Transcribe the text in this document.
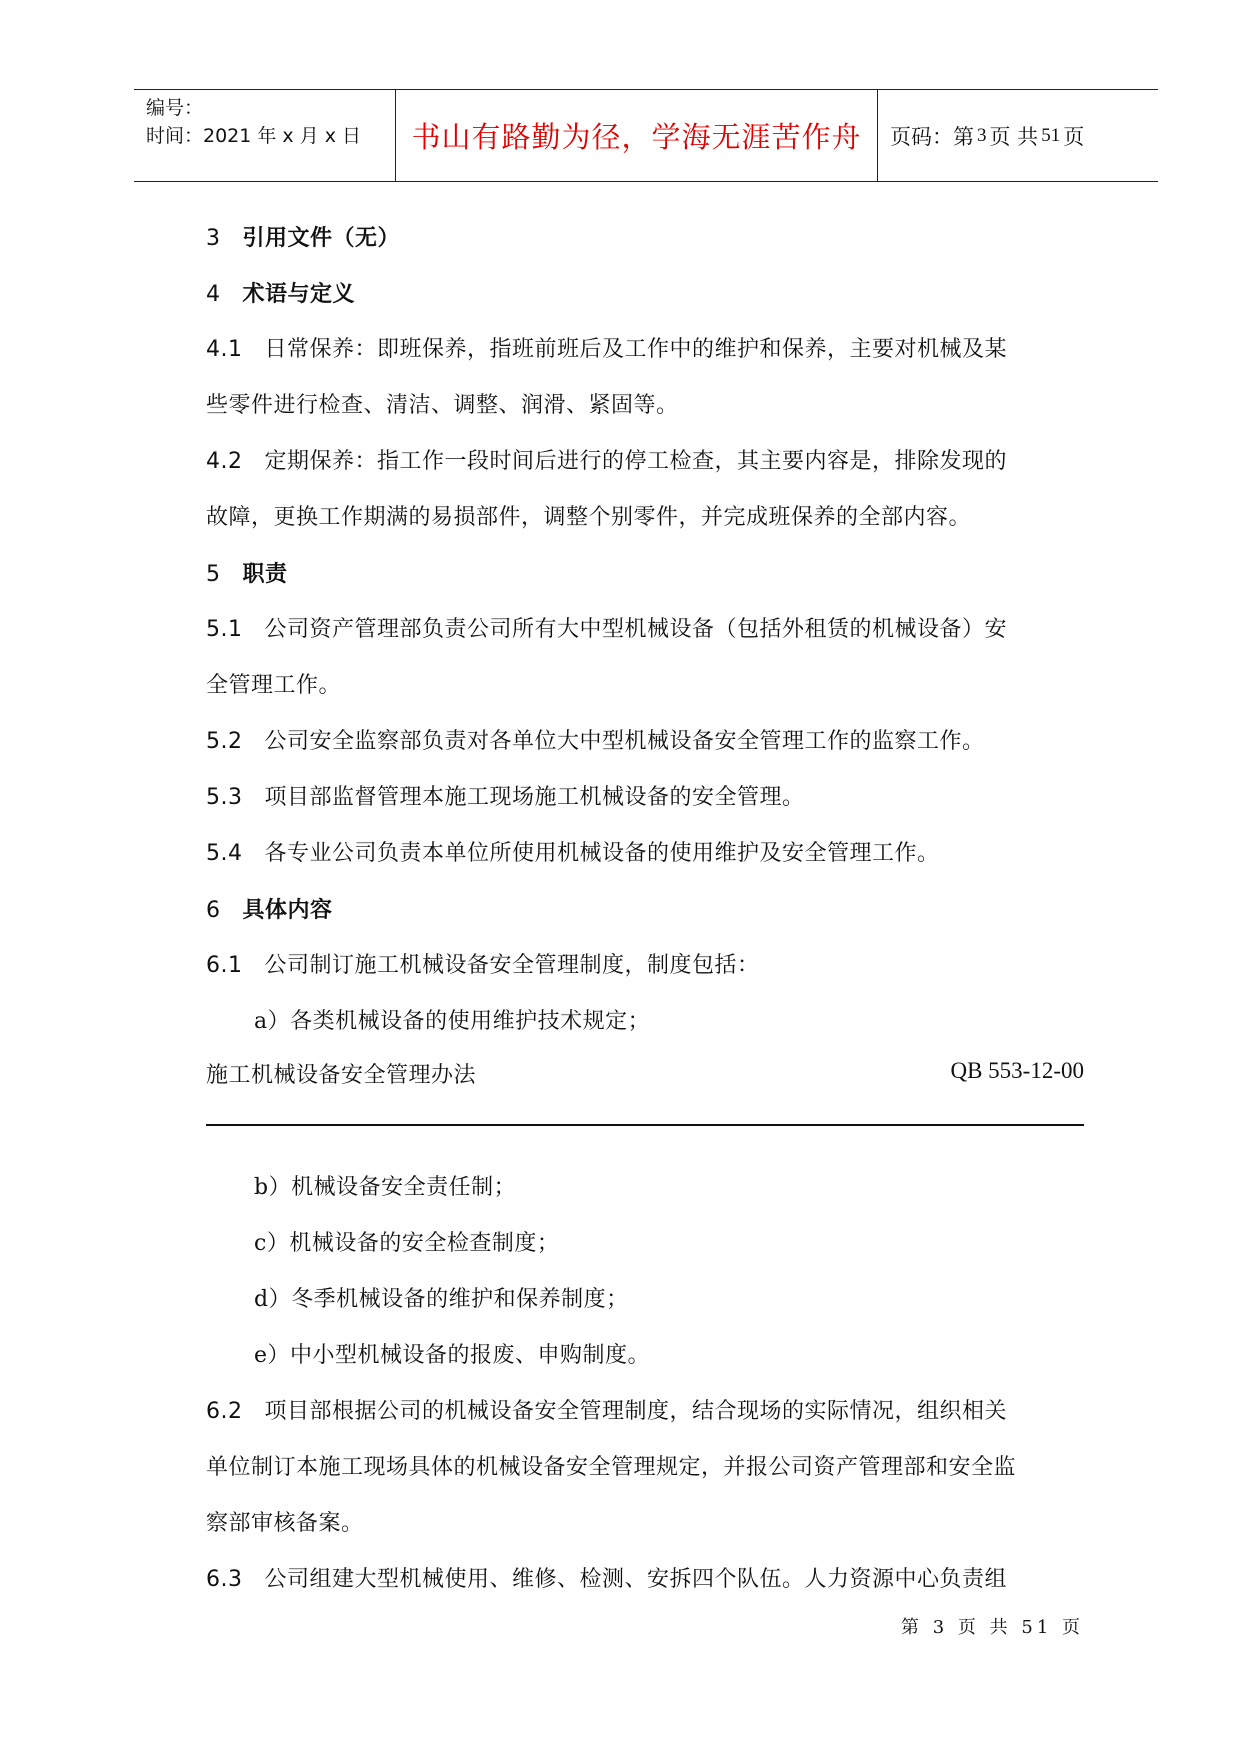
编号：
时间：2021 年 x 月 x 日	书山有路勤为径，学海无涯苦作舟	页码：第 3 页 共 51 页
3 引用文件（无）
4 术语与定义
4.1 日常保养：即班保养，指班前班后及工作中的维护和保养，主要对机械及某
些零件进行检查、清洁、调整、润滑、紧固等。
4.2 定期保养：指工作一段时间后进行的停工检查，其主要内容是，排除发现的
故障，更换工作期满的易损部件，调整个别零件，并完成班保养的全部内容。
5 职责
5.1 公司资产管理部负责公司所有大中型机械设备（包括外租赁的机械设备）安
全管理工作。
5.2 公司安全监察部负责对各单位大中型机械设备安全管理工作的监察工作。
5.3 项目部监督管理本施工现场施工机械设备的安全管理。
5.4 各专业公司负责本单位所使用机械设备的使用维护及安全管理工作。
6 具体内容
6.1 公司制订施工机械设备安全管理制度，制度包括：
a）各类机械设备的使用维护技术规定；
施工机械设备安全管理办法	QB 553-12-00
b）机械设备安全责任制；
c）机械设备的安全检查制度；
d）冬季机械设备的维护和保养制度；
e）中小型机械设备的报废、申购制度。
6.2 项目部根据公司的机械设备安全管理制度，结合现场的实际情况，组织相关
单位制订本施工现场具体的机械设备安全管理规定，并报公司资产管理部和安全监
察部审核备案。
6.3 公司组建大型机械使用、维修、检测、安拆四个队伍。人力资源中心负责组
第 3 页 共 51 页
